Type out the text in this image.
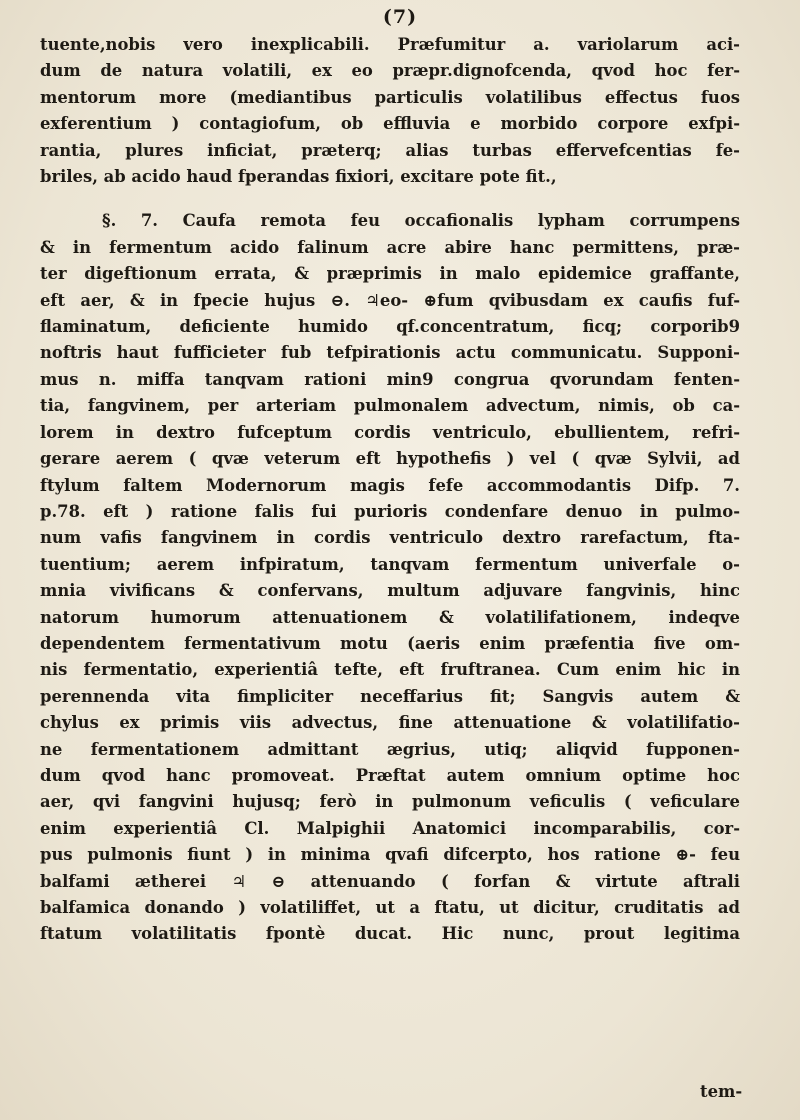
(7)
tuente,nobis vero inexplicabili. Præfumitur a. variolarum aci-
dum de natura volatili, ex eo præpr.dignofcenda, qvod hoc fer-
mentorum more (mediantibus particulis volatilibus effectus fuos
exferentium ) contagiofum, ob effluvia e morbido corpore exfpi-
rantia, plures inficiat, præterq; alias turbas effervefcentias fe-
briles, ab acido haud fperandas fixiori, excitare pote fit.,
§. 7. Caufa remota feu occafionalis lypham corrumpens
& in fermentum acido falinum acre abire hanc permittens, præ-
ter digeftionum errata, & præprimis in malo epidemice graffante,
eft aer, & in fpecie hujus ⊖. ♃eo- ⊕fum qvibusdam ex caufis fuf-
flaminatum, deficiente humido qf.concentratum, ficq; corporib9
noftris haut fufficieter fub tefpirationis actu communicatu. Supponi-
mus n. miffa tanqvam rationi min9 congrua qvorundam fenten-
tia, fangvinem, per arteriam pulmonalem advectum, nimis, ob ca-
lorem in dextro fufceptum cordis ventriculo, ebullientem, refri-
gerare aerem ( qvæ veterum eft hypothefis ) vel ( qvæ Sylvii, ad
ftylum faltem Modernorum magis fefe accommodantis Difp. 7.
p.78. eft ) ratione falis fui purioris condenfare denuo in pulmo-
num vafis fangvinem in cordis ventriculo dextro rarefactum, fta-
tuentium; aerem infpiratum, tanqvam fermentum univerfale o-
mnia vivificans & confervans, multum adjuvare fangvinis, hinc
natorum humorum attenuationem & volatilifationem, indeqve
dependentem fermentativum motu (aeris enim præfentia five om-
nis fermentatio, experientiâ tefte, eft fruftranea. Cum enim hic in
perennenda vita fimpliciter neceffarius fit; Sangvis autem &
chylus ex primis viis advectus, fine attenuatione & volatilifatio-
ne fermentationem admittant ægrius, utiq; aliqvid fupponen-
dum qvod hanc promoveat. Præftat autem omnium optime hoc
aer, qvi fangvini hujusq; ferò in pulmonum veficulis ( veficulare
enim experientiâ Cl. Malpighii Anatomici incomparabilis, cor-
pus pulmonis fiunt ) in minima qvafi difcerpto, hos ratione ⊕- feu
balfami ætherei ♃ ⊖ attenuando ( forfan & virtute aftrali
balfamica donando ) volatiliffet, ut a ftatu, ut dicitur, cruditatis ad
ftatum volatilitatis fpontè ducat. Hic nunc, prout legitima
tem-
